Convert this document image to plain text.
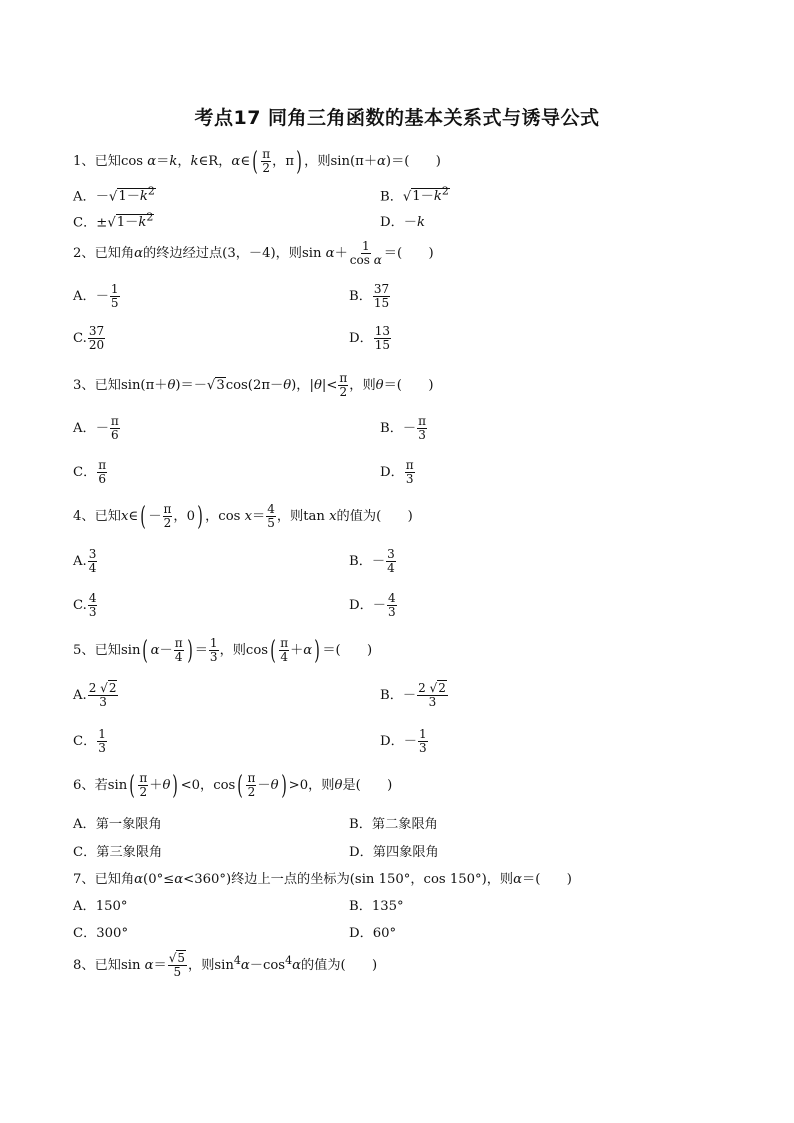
考点17 同角三角函数的基本关系式与诱导公式
1、已知cos α＝k，k∈R，α∈( $\frac{\pi}{2}$ ，π) ，则sin(π＋α)＝(　　)
A．$-√1-k^2$	B．$√1-k^2$
C．$\pm√1-k^2$	D．－k
2、已知角α的终边经过点(3，－4)，则$\sin \alpha+ \frac{1}{\text{cos α}}$ ＝(　　)
A．－ $\frac{1}{5}$	B． $\frac{37}{15}$
C. $\frac{37}{20}$	D． $\frac{13}{15}$
3、已知sin(π＋θ)＝－√3cos(2π－θ)，$|\theta|< \frac{\pi}{2}$ ，则θ＝(　　)
A．－ $\frac{\pi}{6}$	B．－ $\frac{\pi}{3}$
C． $\frac{\pi}{6}$	D． $\frac{\pi}{3}$
4、已知x∈( － $\frac{\pi}{2}$ ，0) ，$\cos x= \frac{4}{5}$ ，则tan x的值为(　　)
A. $\frac{3}{4}$	B．－ $\frac{3}{4}$
C. $\frac{4}{3}$	D．－ $\frac{4}{3}$
5、已知sin( $\alpha- \frac{\pi}{4}$ ) ＝ $\frac{1}{3}$ ，则$\cos( \frac{\pi}{4} +\alpha)$ ＝(　　)
A. $\frac{2 √2}{3}$	B．－ $\frac{2 √2}{3}$
C． $\frac{1}{3}$	D．－ $\frac{1}{3}$
6、若$\sin( \frac{\pi}{2} +\theta) <0$，$\cos( \frac{\pi}{2} -\theta) >0$，则θ是(　　)
A．第一象限角	B．第二象限角
C．第三象限角	D．第四象限角
7、已知角α(0°≤α<360°)终边上一点的坐标为(sin 150°，cos 150°)，则α＝(　　)
A．150°	B．135°
C．300°	D．60°
8、已知$\sin \alpha= \frac{√5}{5}$ ，则$\sin^4\alpha-\cos^4\alpha$的值为(　　)
